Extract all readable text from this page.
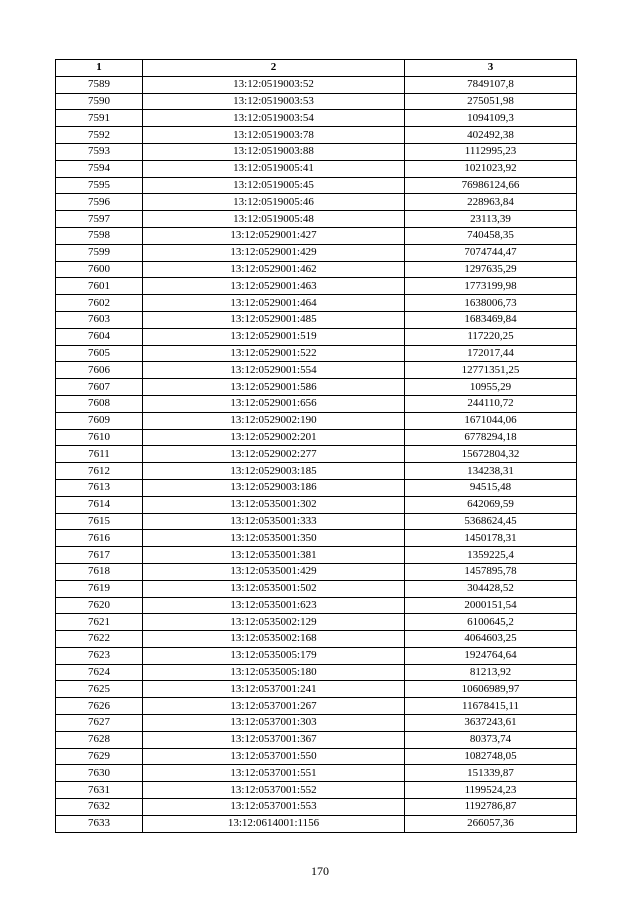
1	2	3
7589	13:12:0519003:52	7849107,8
7590	13:12:0519003:53	275051,98
7591	13:12:0519003:54	1094109,3
7592	13:12:0519003:78	402492,38
7593	13:12:0519003:88	1112995,23
7594	13:12:0519005:41	1021023,92
7595	13:12:0519005:45	76986124,66
7596	13:12:0519005:46	228963,84
7597	13:12:0519005:48	23113,39
7598	13:12:0529001:427	740458,35
7599	13:12:0529001:429	7074744,47
7600	13:12:0529001:462	1297635,29
7601	13:12:0529001:463	1773199,98
7602	13:12:0529001:464	1638006,73
7603	13:12:0529001:485	1683469,84
7604	13:12:0529001:519	117220,25
7605	13:12:0529001:522	172017,44
7606	13:12:0529001:554	12771351,25
7607	13:12:0529001:586	10955,29
7608	13:12:0529001:656	244110,72
7609	13:12:0529002:190	1671044,06
7610	13:12:0529002:201	6778294,18
7611	13:12:0529002:277	15672804,32
7612	13:12:0529003:185	134238,31
7613	13:12:0529003:186	94515,48
7614	13:12:0535001:302	642069,59
7615	13:12:0535001:333	5368624,45
7616	13:12:0535001:350	1450178,31
7617	13:12:0535001:381	1359225,4
7618	13:12:0535001:429	1457895,78
7619	13:12:0535001:502	304428,52
7620	13:12:0535001:623	2000151,54
7621	13:12:0535002:129	6100645,2
7622	13:12:0535002:168	4064603,25
7623	13:12:0535005:179	1924764,64
7624	13:12:0535005:180	81213,92
7625	13:12:0537001:241	10606989,97
7626	13:12:0537001:267	11678415,11
7627	13:12:0537001:303	3637243,61
7628	13:12:0537001:367	80373,74
7629	13:12:0537001:550	1082748,05
7630	13:12:0537001:551	151339,87
7631	13:12:0537001:552	1199524,23
7632	13:12:0537001:553	1192786,87
7633	13:12:0614001:1156	266057,36
170
